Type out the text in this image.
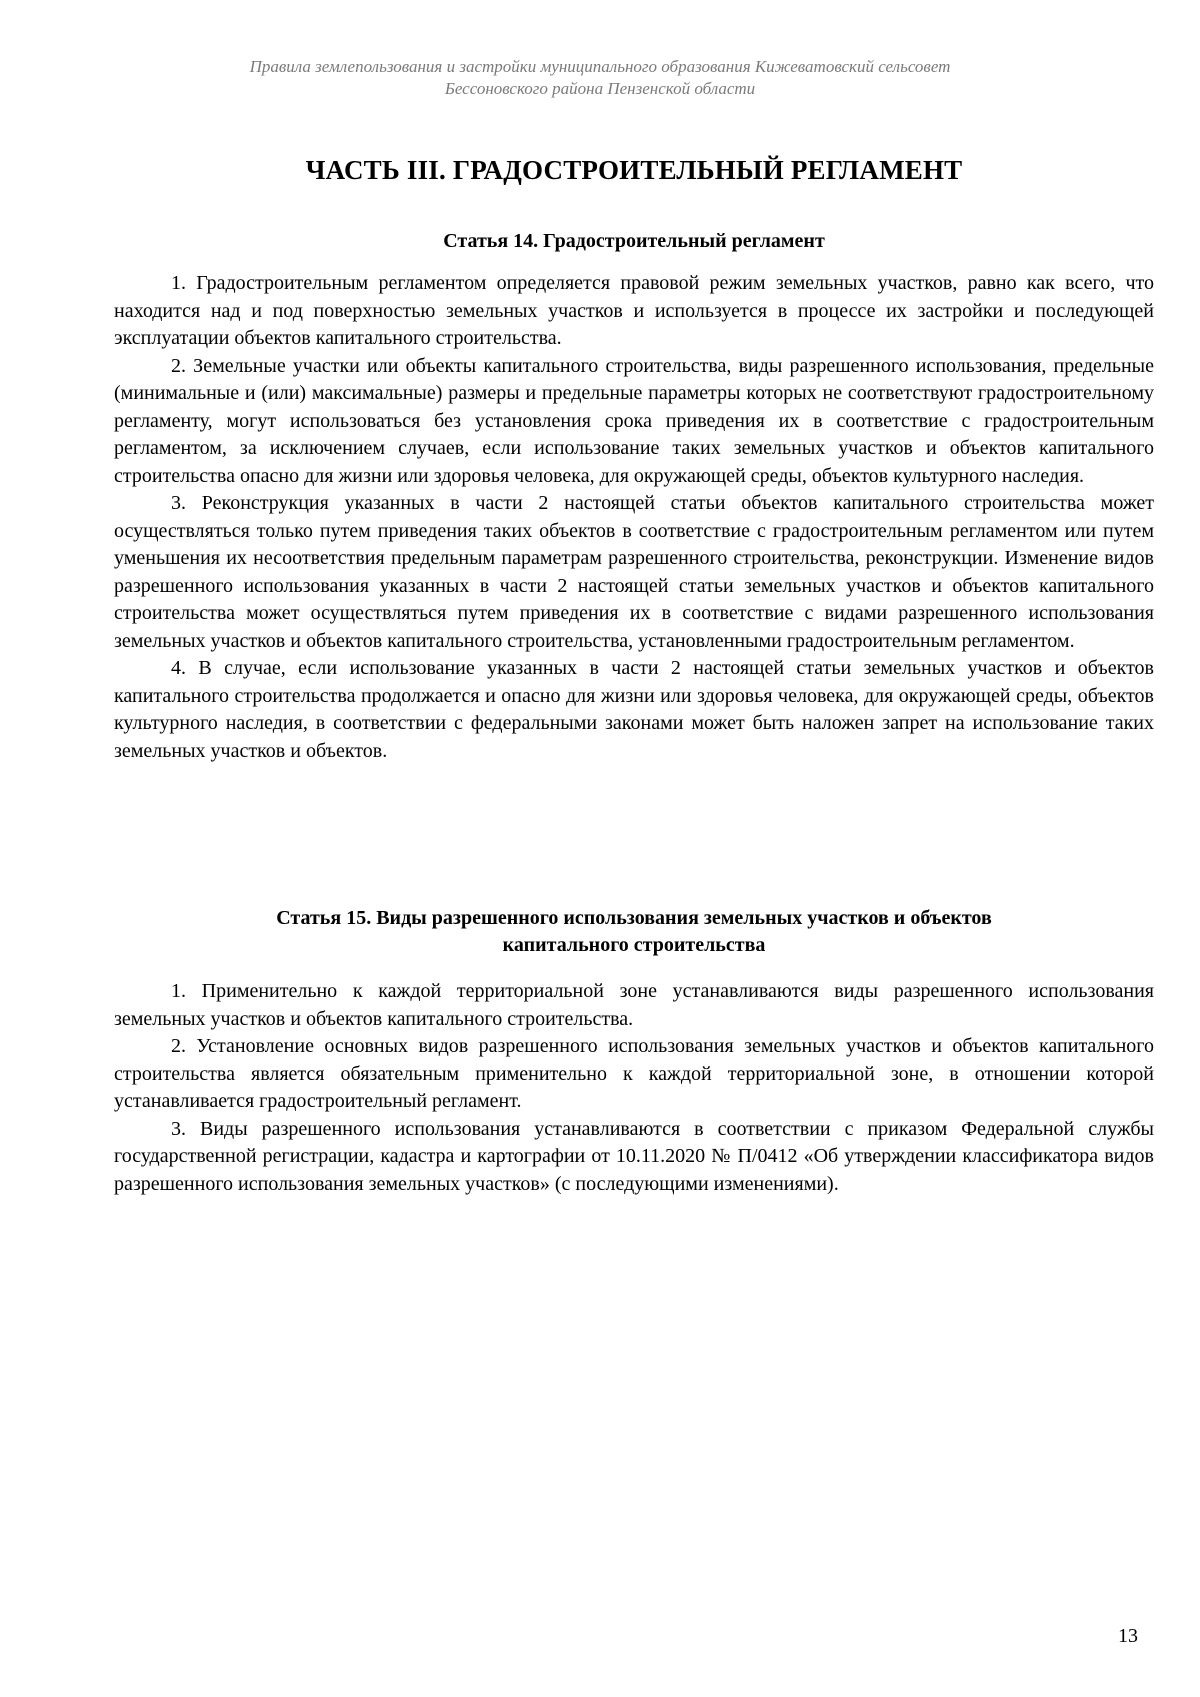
Правила землепользования и застройки муниципального образования Кижеватовский сельсовет
Бессоновского района Пензенской области
ЧАСТЬ III. ГРАДОСТРОИТЕЛЬНЫЙ РЕГЛАМЕНТ
Статья 14. Градостроительный регламент

1. Градостроительным регламентом определяется правовой режим земельных участков, равно как всего, что находится над и под поверхностью земельных участков и используется в процессе их застройки и последующей эксплуатации объектов капитального строительства.

2. Земельные участки или объекты капитального строительства, виды разрешенного использования, предельные (минимальные и (или) максимальные) размеры и предельные параметры которых не соответствуют градостроительному регламенту, могут использоваться без установления срока приведения их в соответствие с градостроительным регламентом, за исключением случаев, если использование таких земельных участков и объектов капитального строительства опасно для жизни или здоровья человека, для окружающей среды, объектов культурного наследия.

3. Реконструкция указанных в части 2 настоящей статьи объектов капитального строительства может осуществляться только путем приведения таких объектов в соответствие с градостроительным регламентом или путем уменьшения их несоответствия предельным параметрам разрешенного строительства, реконструкции. Изменение видов разрешенного использования указанных в части 2 настоящей статьи земельных участков и объектов капитального строительства может осуществляться путем приведения их в соответствие с видами разрешенного использования земельных участков и объектов капитального строительства, установленными градостроительным регламентом.

4. В случае, если использование указанных в части 2 настоящей статьи земельных участков и объектов капитального строительства продолжается и опасно для жизни или здоровья человека, для окружающей среды, объектов культурного наследия, в соответствии с федеральными законами может быть наложен запрет на использование таких земельных участков и объектов.

Статья 15. Виды разрешенного использования земельных участков и объектов
капитального строительства

1. Применительно к каждой территориальной зоне устанавливаются виды разрешенного использования земельных участков и объектов капитального строительства.

2. Установление основных видов разрешенного использования земельных участков и объектов капитального строительства является обязательным применительно к каждой территориальной зоне, в отношении которой устанавливается градостроительный регламент.

3. Виды разрешенного использования устанавливаются в соответствии с приказом Федеральной службы государственной регистрации, кадастра и картографии от 10.11.2020 № П/0412 «Об утверждении классификатора видов разрешенного использования земельных участков» (с последующими изменениями).

13
